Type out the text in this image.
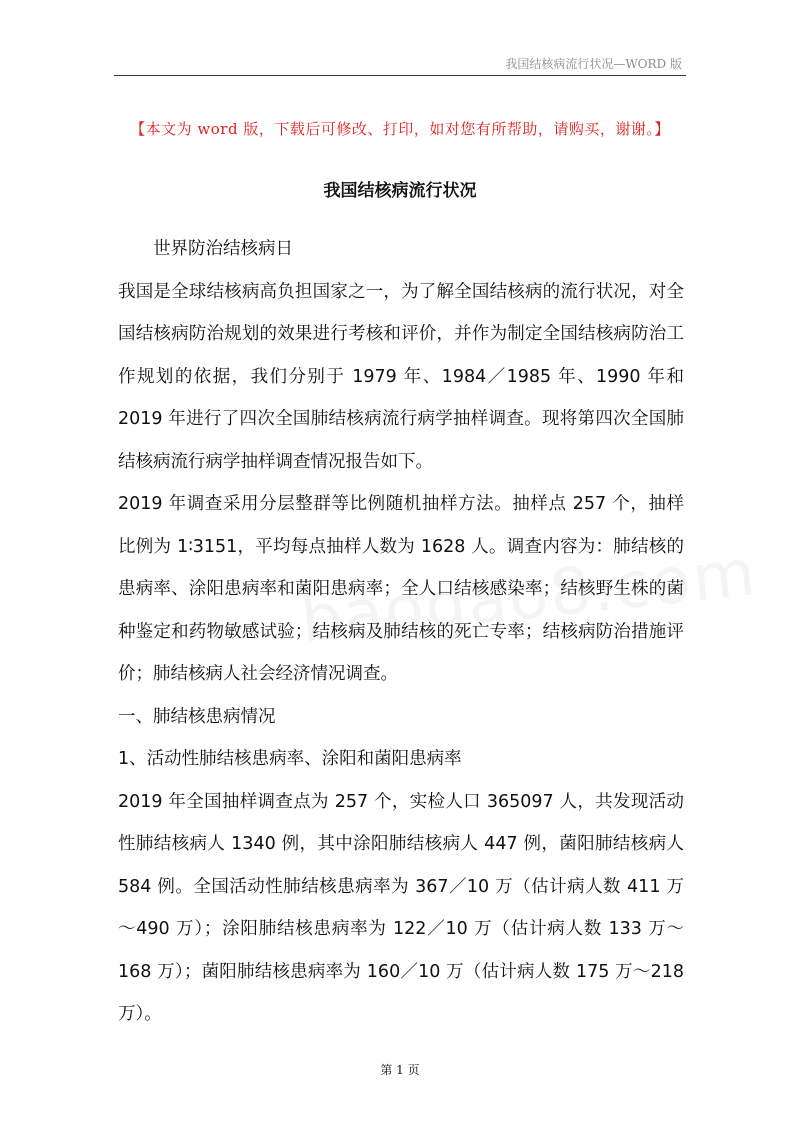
我国结核病流行状况—WORD 版
【本文为 word 版，下载后可修改、打印，如对您有所帮助，请购买，谢谢。】
我国结核病流行状况

世界防治结核病日

我国是全球结核病高负担国家之一，为了解全国结核病的流行状况，对全国结核病防治规划的效果进行考核和评价，并作为制定全国结核病防治工作规划的依据，我们分别于 1979 年、1984／1985 年、1990 年和 2019 年进行了四次全国肺结核病流行病学抽样调查。现将第四次全国肺结核病流行病学抽样调查情况报告如下。

2019 年调查采用分层整群等比例随机抽样方法。抽样点 257 个，抽样比例为 1∶3151，平均每点抽样人数为 1628 人。调查内容为：肺结核的患病率、涂阳患病率和菌阳患病率；全人口结核感染率；结核野生株的菌种鉴定和药物敏感试验；结核病及肺结核的死亡专率；结核病防治措施评价；肺结核病人社会经济情况调查。

一、肺结核患病情况

1、活动性肺结核患病率、涂阳和菌阳患病率

2019 年全国抽样调查点为 257 个，实检人口 365097 人，共发现活动性肺结核病人 1340 例，其中涂阳肺结核病人 447 例，菌阳肺结核病人 584 例。全国活动性肺结核患病率为 367／10 万（估计病人数 411 万～490 万）；涂阳肺结核患病率为 122／10 万（估计病人数 133 万～168 万）；菌阳肺结核患病率为 160／10 万（估计病人数 175 万～218 万）。

第 1 页
